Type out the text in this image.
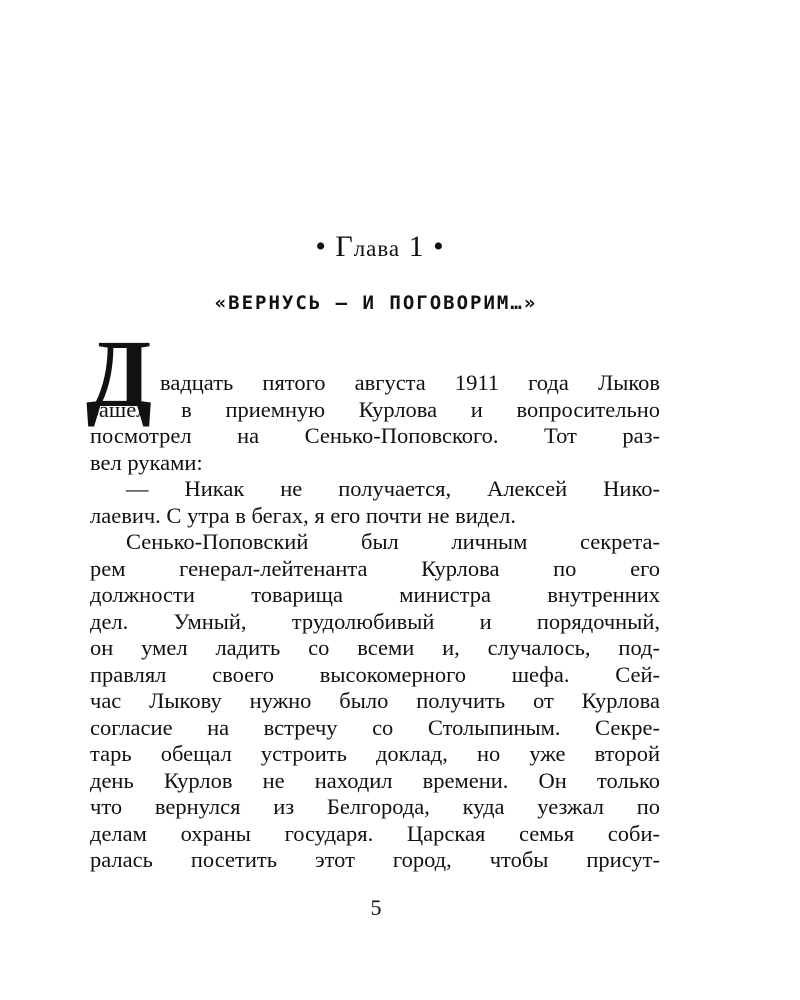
• Глава 1 •
«ВЕРНУСЬ — И ПОГОВОРИМ…»
Д вадцать пятого августа 1911 года Лыков
зашел в приемную Курлова и вопросительно
посмотрел на Сенько-Поповского. Тот раз-
вел руками:
— Никак не получается, Алексей Нико-
лаевич. С утра в бегах, я его почти не видел.
Сенько-Поповский был личным секрета-
рем генерал-лейтенанта Курлова по его
должности товарища министра внутренних
дел. Умный, трудолюбивый и порядочный,
он умел ладить со всеми и, случалось, под-
правлял своего высокомерного шефа. Сей-
час Лыкову нужно было получить от Курлова
согласие на встречу со Столыпиным. Секре-
тарь обещал устроить доклад, но уже второй
день Курлов не находил времени. Он только
что вернулся из Белгорода, куда уезжал по
делам охраны государя. Царская семья соби-
ралась посетить этот город, чтобы присут-
5
